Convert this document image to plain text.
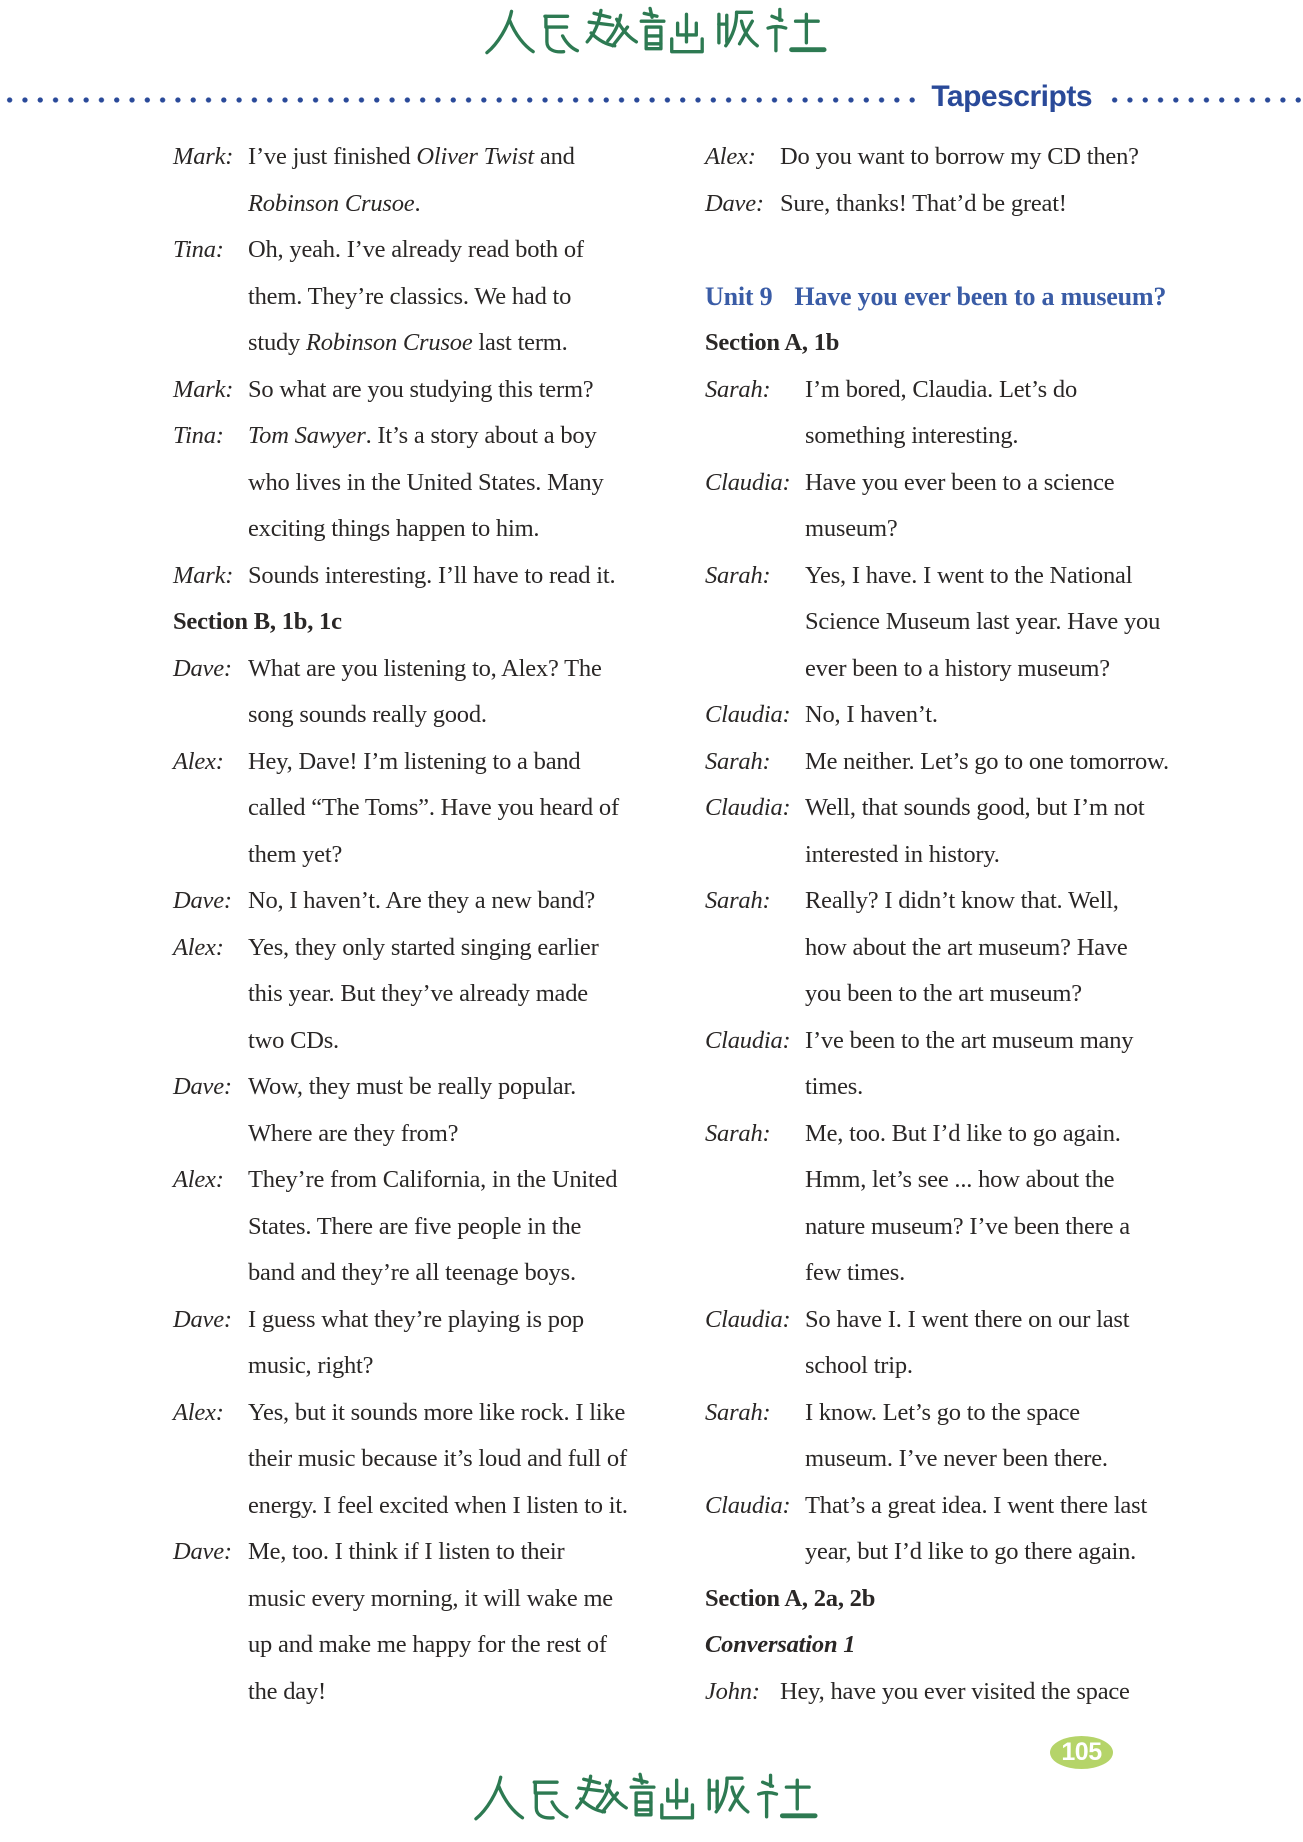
Tapescripts
Mark: I’ve just finished Oliver Twist and
Robinson Crusoe.
Tina: Oh, yeah. I’ve already read both of
them. They’re classics. We had to
study Robinson Crusoe last term.
Mark: So what are you studying this term?
Tina: Tom Sawyer. It’s a story about a boy
who lives in the United States. Many
exciting things happen to him.
Mark: Sounds interesting. I’ll have to read it.
Section B, 1b, 1c
Dave: What are you listening to, Alex? The
song sounds really good.
Alex: Hey, Dave! I’m listening to a band
called “The Toms”. Have you heard of
them yet?
Dave: No, I haven’t. Are they a new band?
Alex: Yes, they only started singing earlier
this year. But they’ve already made
two CDs.
Dave: Wow, they must be really popular.
Where are they from?
Alex: They’re from California, in the United
States. There are five people in the
band and they’re all teenage boys.
Dave: I guess what they’re playing is pop
music, right?
Alex: Yes, but it sounds more like rock. I like
their music because it’s loud and full of
energy. I feel excited when I listen to it.
Dave: Me, too. I think if I listen to their
music every morning, it will wake me
up and make me happy for the rest of
the day!
Alex: Do you want to borrow my CD then?
Dave: Sure, thanks! That’d be great!
Unit 9 Have you ever been to a museum?
Section A, 1b
Sarah:	I’m bored, Claudia. Let’s do
something interesting.
Claudia: Have you ever been to a science
museum?
Sarah:	Yes, I have. I went to the National
Science Museum last year. Have you
ever been to a history museum?
Claudia: No, I haven’t.
Sarah:	Me neither. Let’s go to one tomorrow.
Claudia: Well, that sounds good, but I’m not
interested in history.
Sarah:	Really? I didn’t know that. Well,
how about the art museum? Have
you been to the art museum?
Claudia: I’ve been to the art museum many
times.
Sarah:	Me, too. But I’d like to go again.
Hmm, let’s see ... how about the
nature museum? I’ve been there a
few times.
Claudia: So have I. I went there on our last
school trip.
Sarah:	I know. Let’s go to the space
museum. I’ve never been there.
Claudia: That’s a great idea. I went there last
year, but I’d like to go there again.
Section A, 2a, 2b
Conversation 1
John: Hey, have you ever visited the space
105
